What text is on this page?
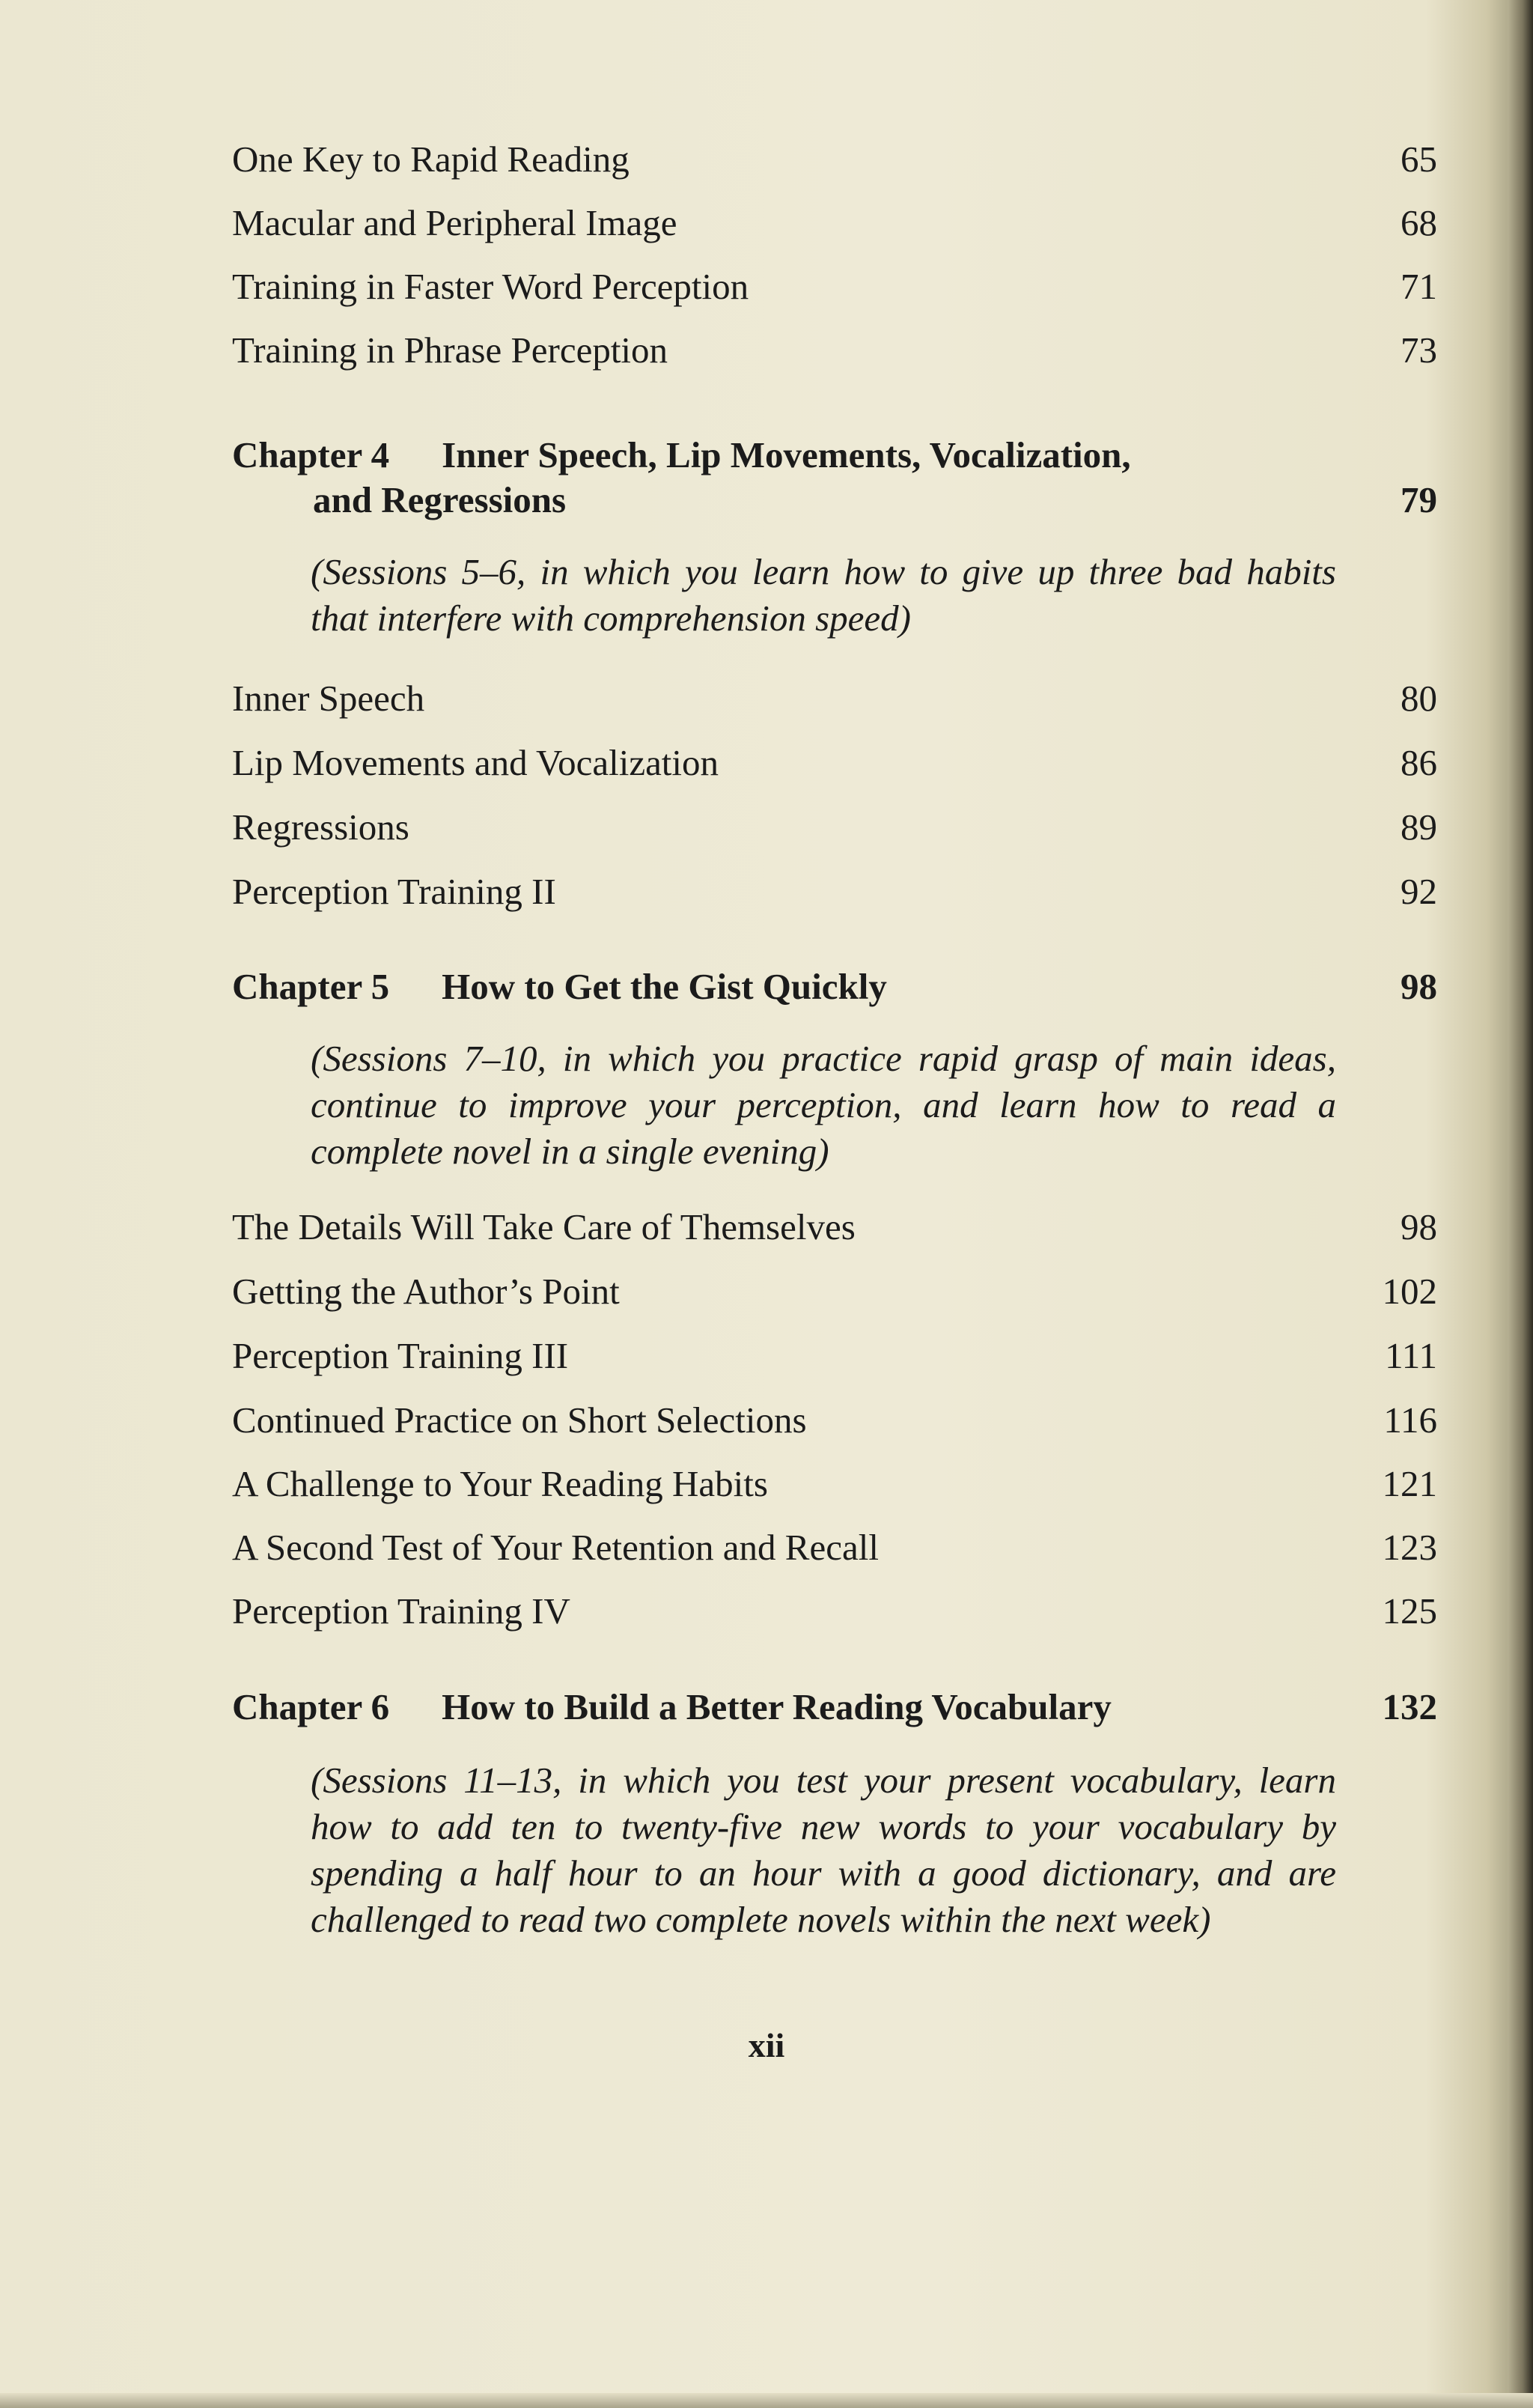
One Key to Rapid Reading	65
Macular and Peripheral Image	68
Training in Faster Word Perception	71
Training in Phrase Perception	73
Chapter 4 Inner Speech, Lip Movements, Vocalization,
and Regressions	79
(Sessions 5–6, in which you learn how to give up three bad habits that interfere with comprehension speed)
Inner Speech	80
Lip Movements and Vocalization	86
Regressions	89
Perception Training II	92
Chapter 5 How to Get the Gist Quickly	98
(Sessions 7–10, in which you practice rapid grasp of main ideas, continue to improve your perception, and learn how to read a complete novel in a single evening)
The Details Will Take Care of Themselves	98
Getting the Author’s Point	102
Perception Training III	111
Continued Practice on Short Selections	116
A Challenge to Your Reading Habits	121
A Second Test of Your Retention and Recall	123
Perception Training IV	125
Chapter 6 How to Build a Better Reading Vocabulary	132
(Sessions 11–13, in which you test your present vocabulary, learn how to add ten to twenty-five new words to your vocabulary by spending a half hour to an hour with a good dictionary, and are challenged to read two complete novels within the next week)
xii
